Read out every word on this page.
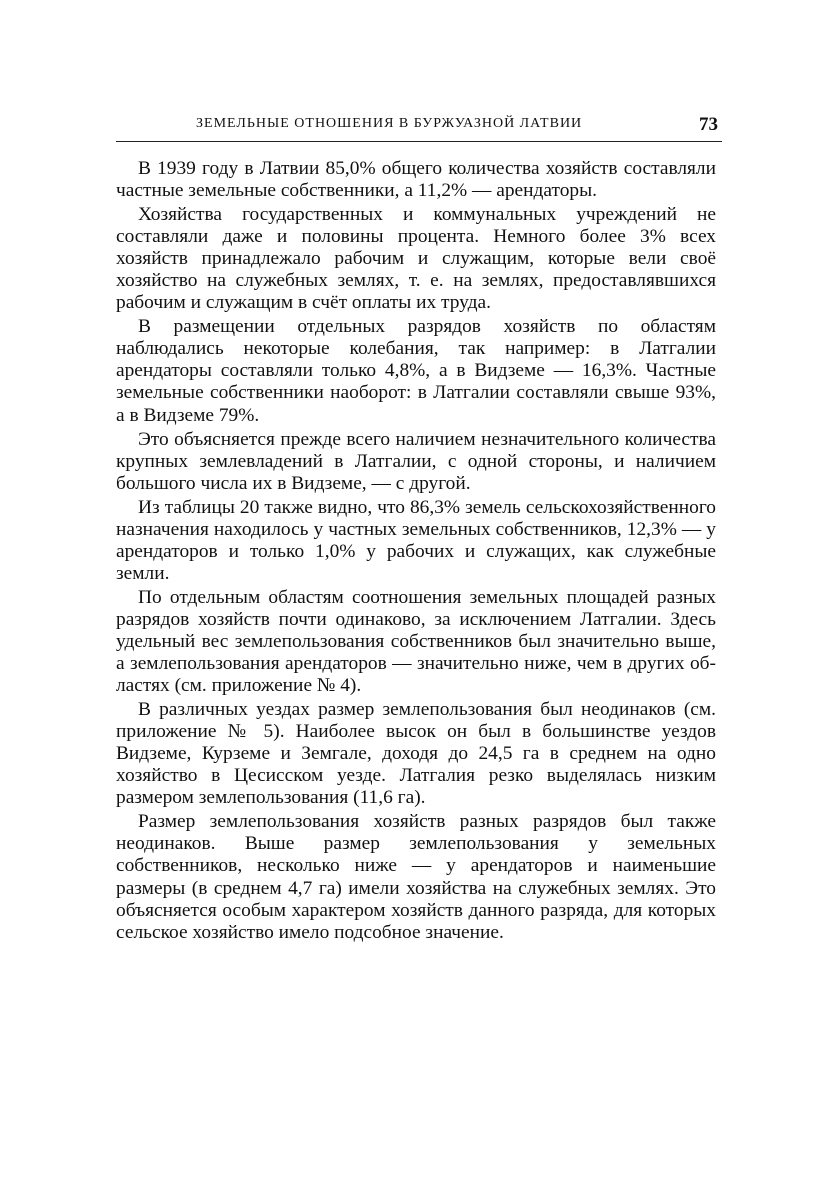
ЗЕМЕЛЬНЫЕ ОТНОШЕНИЯ В БУРЖУАЗНОЙ ЛАТВИИ	73

В 1939 году в Латвии 85,0% общего количества хозяйств составляли частные земельные собственники, а 11,2% — арендаторы.

Хозяйства государственных и коммунальных учреждений не составляли даже и половины процента. Немного более 3% всех хозяйств принадлежало рабочим и служащим, которые вели своё хозяйство на служебных землях, т. е. на землях, предоставлявшихся рабочим и служащим в счёт оплаты их труда.

В размещении отдельных разрядов хозяйств по областям наблюдались некоторые колебания, так например: в Латгалии арендаторы составляли только 4,8%, а в Видземе — 16,3%. Частные земельные собственники наоборот: в Латгалии составляли свыше 93%, а в Видземе 79%.

Это объясняется прежде всего наличием незначительного количества крупных землевладений в Латгалии, с одной стороны, и наличием большого числа их в Видземе, — с другой.

Из таблицы 20 также видно, что 86,3% земель сельскохозяйственного назначения находилось у частных земельных собственников, 12,3% — у арендаторов и только 1,0% у рабочих и служащих, как служебные земли.

По отдельным областям соотношения земельных площадей разных разрядов хозяйств почти одинаково, за исключением Латгалии. Здесь удельный вес землепользования собственников был значительно выше, а землепользования арендаторов — значительно ниже, чем в других областях (см. приложение № 4).

В различных уездах размер землепользования был неодинаков (см. приложение № 5). Наиболее высок он был в большинстве уездов Видземе, Курземе и Земгале, доходя до 24,5 га в среднем на одно хозяйство в Цесисском уезде. Латгалия резко выделялась низким размером землепользования (11,6 га).

Размер землепользования хозяйств разных разрядов был также неодинаков. Выше размер землепользования у земельных собственников, несколько ниже — у арендаторов и наименьшие размеры (в среднем 4,7 га) имели хозяйства на служебных землях. Это объясняется особым характером хозяйств данного разряда, для которых сельское хозяйство имело подсобное значение.
